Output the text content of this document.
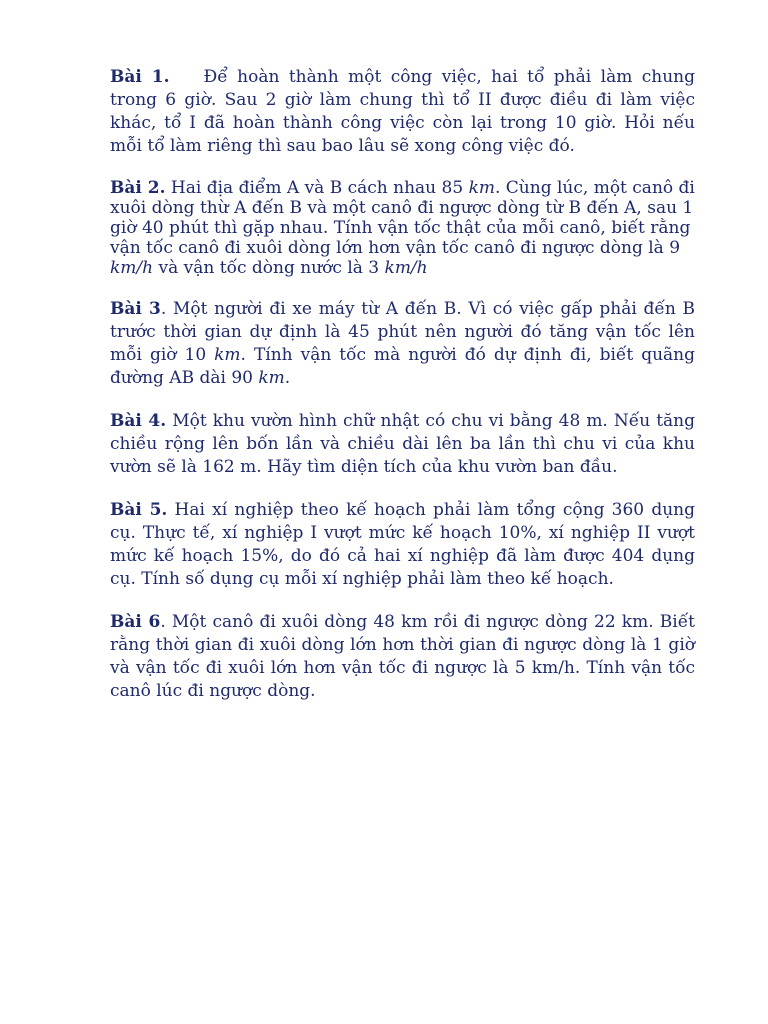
Bài 1. Để hoàn thành một công việc, hai tổ phải làm chung trong 6 giờ. Sau 2 giờ làm chung thì tổ II được điều đi làm việc khác, tổ I đã hoàn thành công việc còn lại trong 10 giờ. Hỏi nếu mỗi tổ làm riêng thì sau bao lâu sẽ xong công việc đó.

Bài 2. Hai địa điểm A và B cách nhau 85 km. Cùng lúc, một canô đi xuôi dòng thừ A đến B và một canô đi ngược dòng từ B đến A, sau 1 giờ 40 phút thì gặp nhau. Tính vận tốc thật của mỗi canô, biết rằng vận tốc canô đi xuôi dòng lớn hơn vận tốc canô đi ngược dòng là 9 km/h và vận tốc dòng nước là 3 km/h

Bài 3. Một người đi xe máy từ A đến B. Vì có việc gấp phải đến B trước thời gian dự định là 45 phút nên người đó tăng vận tốc lên mỗi giờ 10 km. Tính vận tốc mà người đó dự định đi, biết quãng đường AB dài 90 km.

Bài 4. Một khu vườn hình chữ nhật có chu vi bằng 48 m. Nếu tăng chiều rộng lên bốn lần và chiều dài lên ba lần thì chu vi của khu vườn sẽ là 162 m. Hãy tìm diện tích của khu vườn ban đầu.

Bài 5. Hai xí nghiệp theo kế hoạch phải làm tổng cộng 360 dụng cụ. Thực tế, xí nghiệp I vượt mức kế hoạch 10%, xí nghiệp II vượt mức kế hoạch 15%, do đó cả hai xí nghiệp đã làm được 404 dụng cụ. Tính số dụng cụ mỗi xí nghiệp phải làm theo kế hoạch.

Bài 6. Một canô đi xuôi dòng 48 km rồi đi ngược dòng 22 km. Biết rằng thời gian đi xuôi dòng lớn hơn thời gian đi ngược dòng là 1 giờ và vận tốc đi xuôi lớn hơn vận tốc đi ngược là 5 km/h. Tính vận tốc canô lúc đi ngược dòng.
